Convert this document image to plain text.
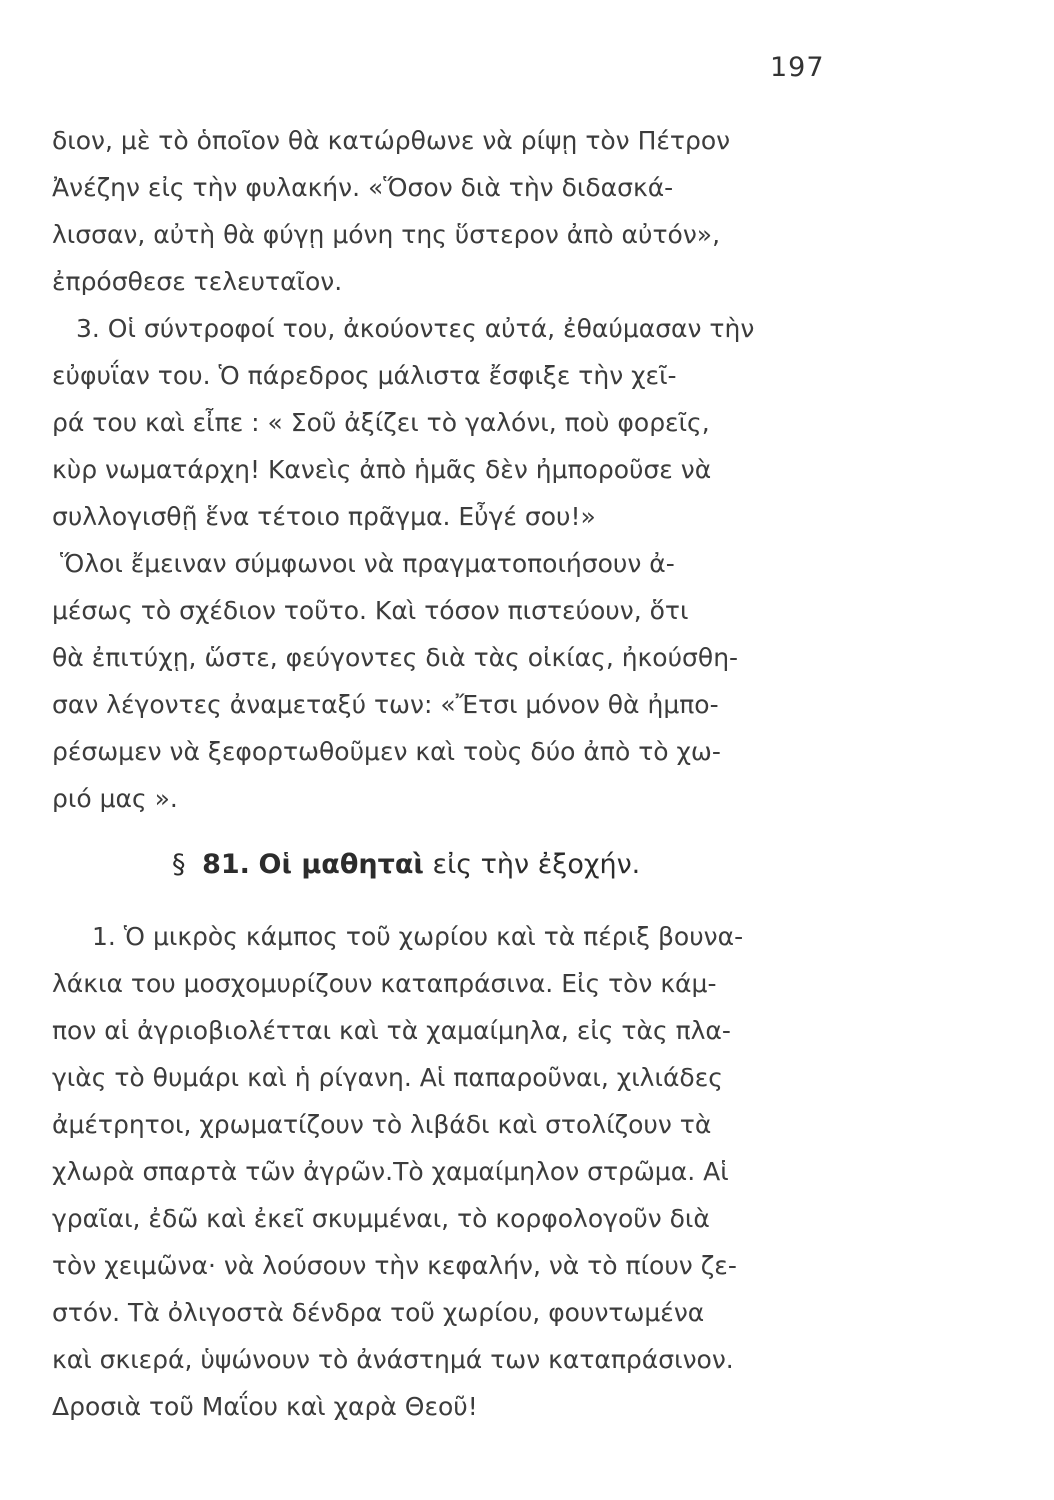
197
διον, μὲ τὸ ὁποῖον θὰ κατώρθωνε νὰ ρίψῃ τὸν Πέτρον
Ἀνέζην εἰς τὴν φυλακήν. «Ὅσον διὰ τὴν διδασκά-
λισσαν, αὐτὴ θὰ φύγῃ μόνη της ὕστερον ἀπὸ αὐτόν»,
ἐπρόσθεσε τελευταῖον.
3. Οἱ σύντροφοί του, ἀκούοντες αὐτά, ἐθαύμασαν τὴν
εὐφυΐαν του. Ὁ πάρεδρος μάλιστα ἔσφιξε τὴν χεῖ-
ρά του καὶ εἶπε : « Σοῦ ἀξίζει τὸ γαλόνι, ποὺ φορεῖς,
κὺρ νωματάρχη! Κανεὶς ἀπὸ ἡμᾶς δὲν ἠμποροῦσε νὰ
συλλογισθῇ ἕνα τέτοιο πρᾶγμα. Εὖγέ σου!»
Ὅλοι ἔμειναν σύμφωνοι νὰ πραγματοποιήσουν ἀ-
μέσως τὸ σχέδιον τοῦτο. Καὶ τόσον πιστεύουν, ὅτι
θὰ ἐπιτύχῃ, ὥστε, φεύγοντες διὰ τὰς οἰκίας, ἠκούσθη-
σαν λέγοντες ἀναμεταξύ των: «Ἔτσι μόνον θὰ ἠμπο-
ρέσωμεν νὰ ξεφορτωθοῦμεν καὶ τοὺς δύο ἀπὸ τὸ χω-
ριό μας ».
§ 81. Οἱ μαθηταὶ εἰς τὴν ἐξοχήν.
1. Ὁ μικρὸς κάμπος τοῦ χωρίου καὶ τὰ πέριξ βουνα-
λάκια του μοσχομυρίζουν καταπράσινα. Εἰς τὸν κάμ-
πον αἱ ἀγριοβιολέτται καὶ τὰ χαμαίμηλα, εἰς τὰς πλα-
γιὰς τὸ θυμάρι καὶ ἡ ρίγανη. Αἱ παπαροῦναι, χιλιάδες
ἀμέτρητοι, χρωματίζουν τὸ λιβάδι καὶ στολίζουν τὰ
χλωρὰ σπαρτὰ τῶν ἀγρῶν.Τὸ χαμαίμηλον στρῶμα. Αἱ
γραῖαι, ἐδῶ καὶ ἐκεῖ σκυμμέναι, τὸ κορφολογοῦν διὰ
τὸν χειμῶνα· νὰ λούσουν τὴν κεφαλήν, νὰ τὸ πίουν ζε-
στόν. Τὰ ὀλιγοστὰ δένδρα τοῦ χωρίου, φουντωμένα
καὶ σκιερά, ὑψώνουν τὸ ἀνάστημά των καταπράσινον.
Δροσιὰ τοῦ Μαΐου καὶ χαρὰ Θεοῦ!
